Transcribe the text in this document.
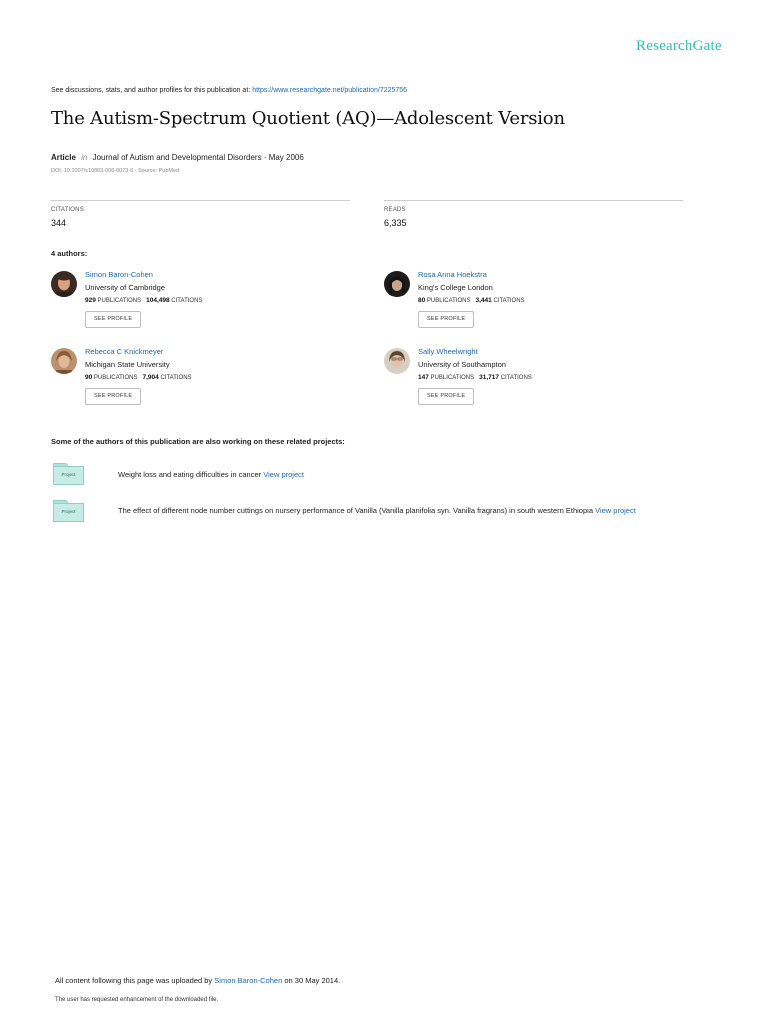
ResearchGate
See discussions, stats, and author profiles for this publication at: https://www.researchgate.net/publication/7225756
The Autism-Spectrum Quotient (AQ)—Adolescent Version
Article in Journal of Autism and Developmental Disorders · May 2006
DOI: 10.1007/s10803-006-0073-6 · Source: PubMed
CITATIONS
344
READS
6,335
4 authors:
Simon Baron-Cohen
University of Cambridge
929 PUBLICATIONS 104,498 CITATIONS
SEE PROFILE
Rosa Anna Hoekstra
King's College London
80 PUBLICATIONS 3,441 CITATIONS
SEE PROFILE
Rebecca C Knickmeyer
Michigan State University
90 PUBLICATIONS 7,904 CITATIONS
SEE PROFILE
Sally Wheelwright
University of Southampton
147 PUBLICATIONS 31,717 CITATIONS
SEE PROFILE
Some of the authors of this publication are also working on these related projects:
Project	Weight loss and eating difficulties in cancer View project
Project	The effect of different node number cuttings on nursery performance of Vanilla (Vanilla planifolia syn. Vanilla fragrans) in south western Ethiopia View project
All content following this page was uploaded by Simon Baron-Cohen on 30 May 2014.
The user has requested enhancement of the downloaded file.
